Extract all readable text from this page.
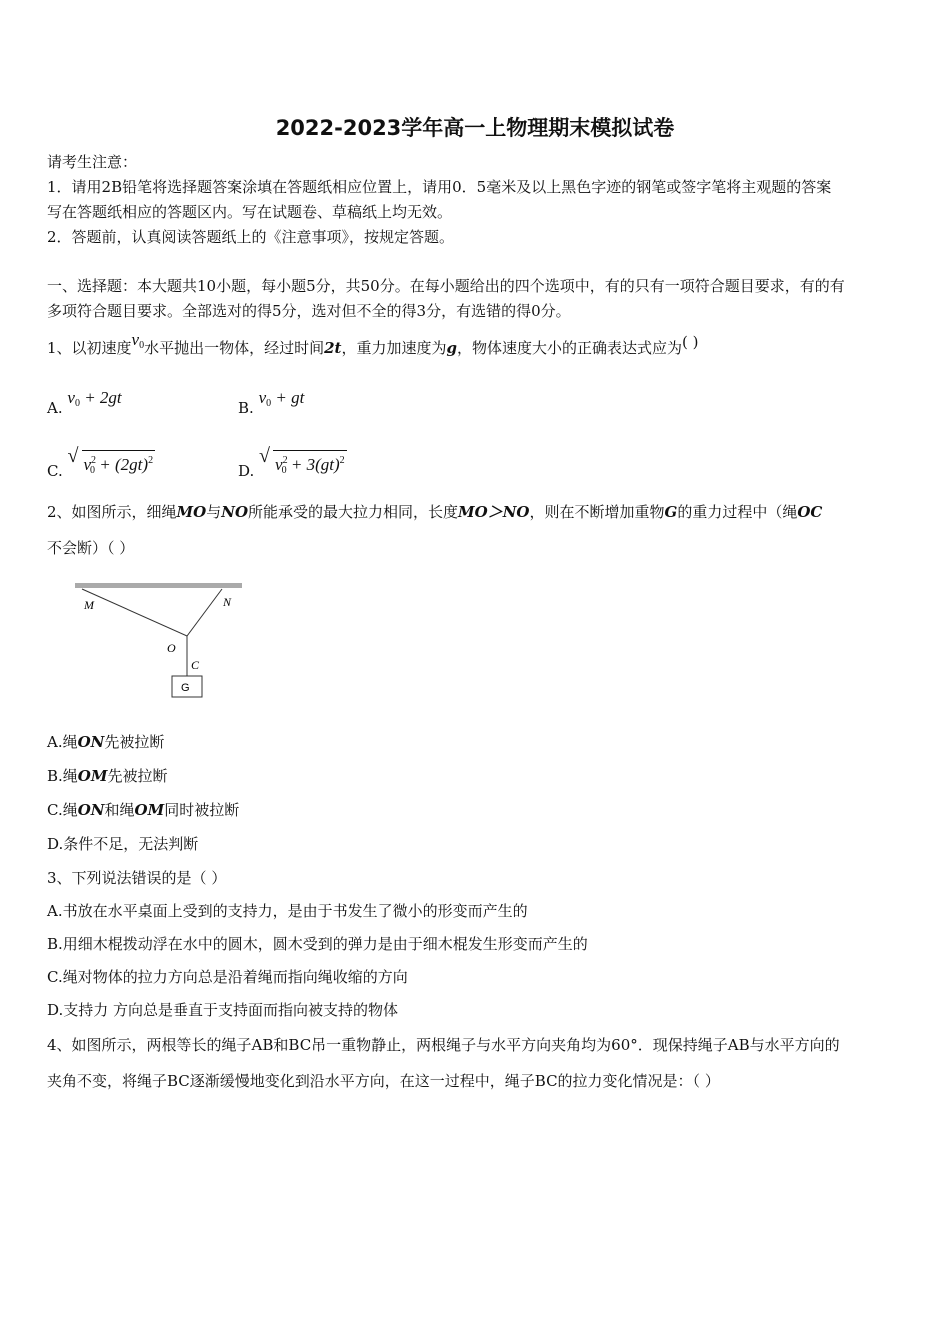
2022-2023学年高一上物理期末模拟试卷
请考生注意：
1．请用2B铅笔将选择题答案涂填在答题纸相应位置上，请用0．5毫米及以上黑色字迹的钢笔或签字笔将主观题的答案
写在答题纸相应的答题区内。写在试题卷、草稿纸上均无效。
2．答题前，认真阅读答题纸上的《注意事项》，按规定答题。
一、选择题：本大题共10小题，每小题5分，共50分。在每小题给出的四个选项中，有的只有一项符合题目要求，有的有
多项符合题目要求。全部选对的得5分，选对但不全的得3分，有选错的得0分。
1、以初速度$v_0$水平抛出一物体，经过时间2t，重力加速度为g，物体速度大小的正确表达式应为( )
A. $v_0 + 2gt$
B. $v_0$ + gt
C.
√ $v^2_0 + (2gt)^2$
D.
√ $v^2_0 + 3(gt)^2$
2、如图所示，细绳MO与NO所能承受的最大拉力相同，长度MO＞NO，则在不断增加重物G的重力过程中（绳OC
不会断）（ ）
M	N
O
C
G
A.绳ON先被拉断
B.绳OM先被拉断
C.绳ON和绳OM同时被拉断
D.条件不足，无法判断
3、下列说法错误的是（ ）
A.书放在水平桌面上受到的支持力，是由于书发生了微小的形变而产生的
B.用细木棍拨动浮在水中的圆木，圆木受到的弹力是由于细木棍发生形变而产生的
C.绳对物体的拉力方向总是沿着绳而指向绳收缩的方向
D.支持力 方向总是垂直于支持面而指向被支持的物体
4、如图所示，两根等长的绳子AB和BC吊一重物静止，两根绳子与水平方向夹角均为60°．现保持绳子AB与水平方向的
夹角不变，将绳子BC逐渐缓慢地变化到沿水平方向，在这一过程中，绳子BC的拉力变化情况是：（ ）
